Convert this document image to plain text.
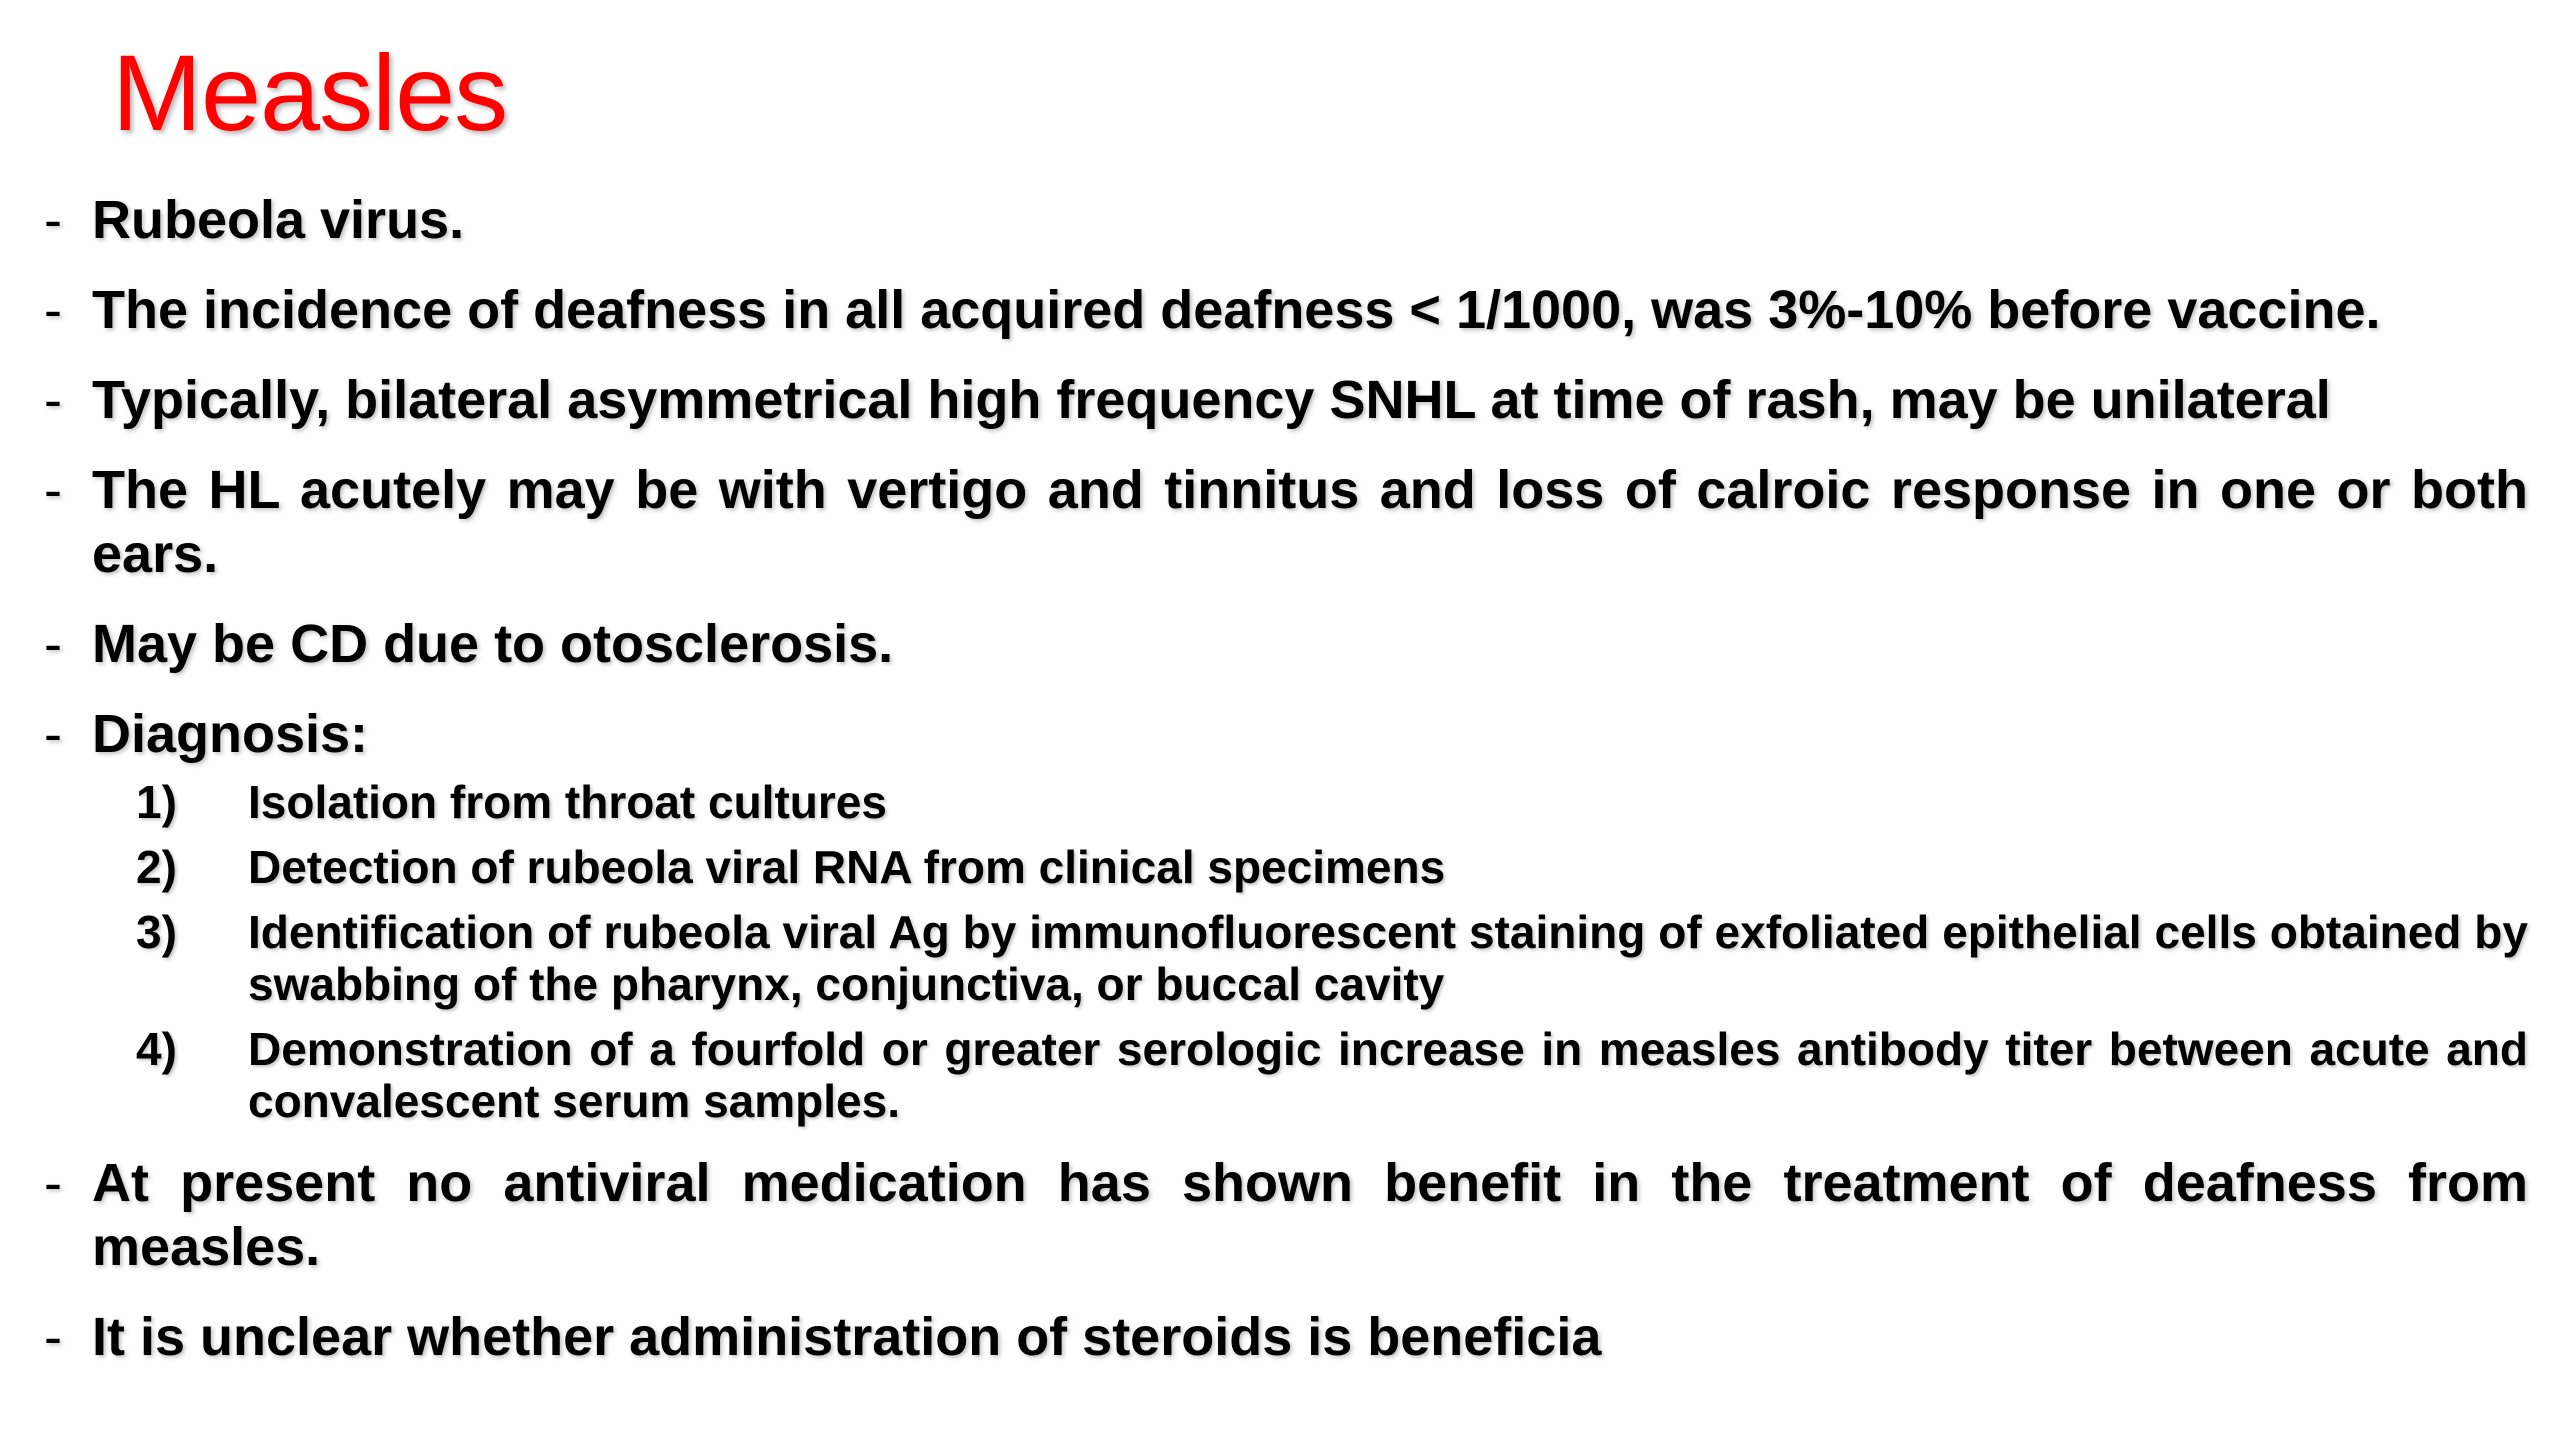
Measles
- Rubeola virus.
- The incidence of deafness in all acquired deafness < 1/1000, was 3%-10% before vaccine.
- Typically, bilateral asymmetrical high frequency SNHL at time of rash, may be unilateral
- The HL acutely may be with vertigo and tinnitus and loss of calroic response in one or both ears.
- May be CD due to otosclerosis.
- Diagnosis:
1) Isolation from throat cultures
2) Detection of rubeola viral RNA from clinical specimens
3) Identification of rubeola viral Ag by immunofluorescent staining of exfoliated epithelial cells obtained by swabbing of the pharynx, conjunctiva, or buccal cavity
4) Demonstration of a fourfold or greater serologic increase in measles antibody titer between acute and convalescent serum samples.
- At present no antiviral medication has shown benefit in the treatment of deafness from measles.
- It is unclear whether administration of steroids is beneficia
